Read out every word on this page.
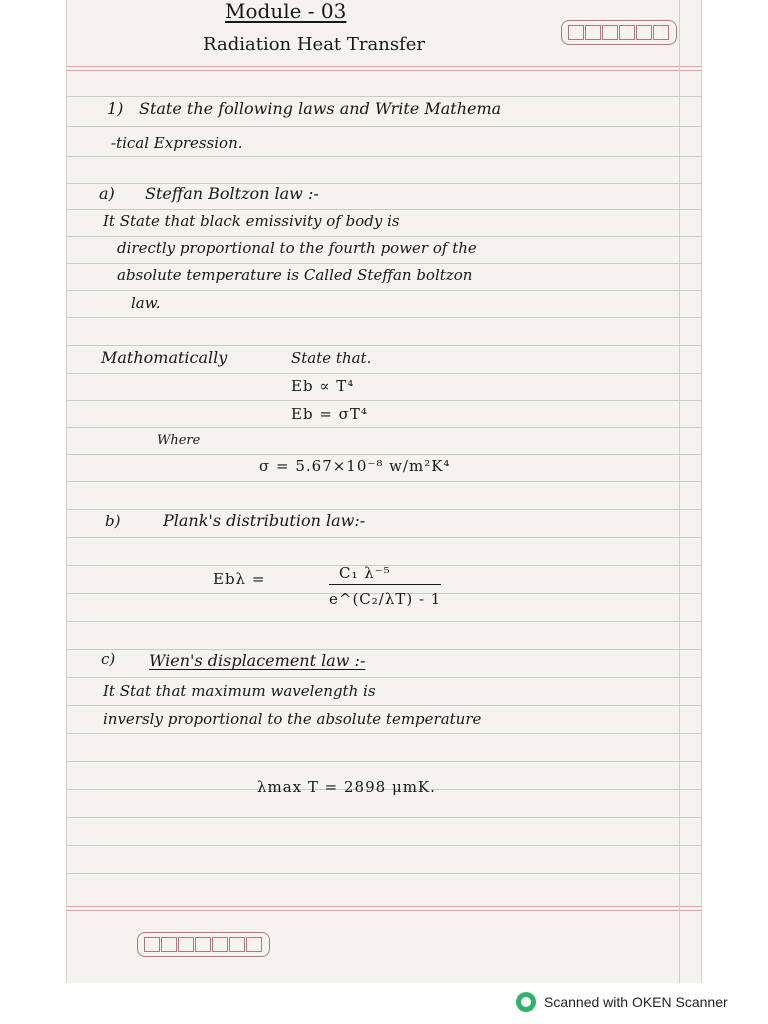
Module - 03
Radiation Heat Transfer
1) State the following laws and Write Mathema
-tical Expression.
a) Steffan Boltzon law :-
It State that black emissivity of body is
directly proportional to the fourth power of the
absolute temperature is Called Steffan boltzon
law.
Mathomatically	State that.
Eb ∝ T⁴
Eb = σT⁴
Where
σ = 5.67×10⁻⁸ w/m²K⁴
b)	Plank's distribution law:-
Ebλ =	C₁ λ⁻⁵
e^(C₂/λT) - 1
c) Wien's displacement law :-
It Stat that maximum wavelength is
inversly proportional to the absolute temperature
λmax T = 2898 μmK.
Scanned with OKEN Scanner
